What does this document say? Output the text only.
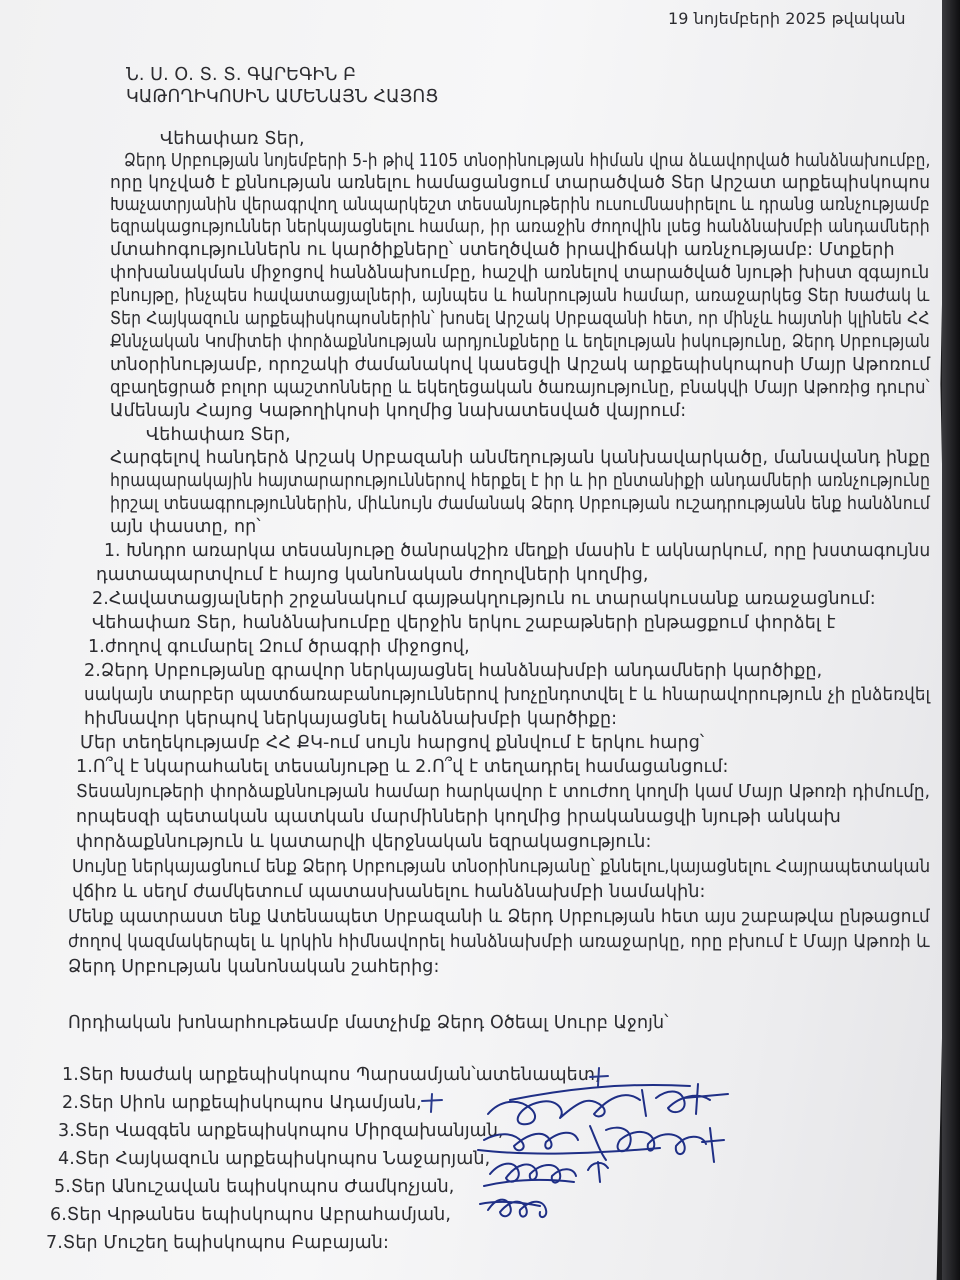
19 նոյեմբերի 2025 թվական
Ն. Ս. Օ. Տ. Տ. ԳԱՐԵԳԻՆ Բ
ԿԱԹՈՂԻԿՈՍԻՆ ԱՄԵՆԱՅՆ ՀԱՅՈՑ
Վեհափառ Տեր,
Ձերդ Սրբության նոյեմբերի 5-ի թիվ 1105 տնօրինության հիման վրա ձևավորված հանձնախումբը,
որը կոչված է քննության առնելու համացանցում տարածված Տեր Արշատ արքեպիսկոպոս
Խաչատրյանին վերագրվող անպարկեշտ տեսանյութերին ուսումնասիրելու և դրանց առնչությամբ
եզրակացություններ ներկայացնելու համար, իր առաջին ժողովին լսեց հանձնախմբի անդամների
մտահոգություններն ու կարծիքները՝ ստեղծված իրավիճակի առնչությամբ: Մտքերի
փոխանակման միջոցով հանձնախումբը, հաշվի առնելով տարածված նյութի խիստ զգայուն
բնույթը, ինչպես հավատացյալների, այնպես և հանրության համար, առաջարկեց Տեր Խաժակ և
Տեր Հայկազուն արքեպիսկոպոսներին՝ խոսել Արշակ Սրբազանի հետ, որ մինչև հայտնի կլինեն ՀՀ
Քննչական Կոմիտեի փորձաքննության արդյունքները և եղելության իսկությունը, Ձերդ Սրբության
տնօրինությամբ, որոշակի ժամանակով կասեցվի Արշակ արքեպիսկոպոսի Մայր Աթոռում
զբաղեցրած բոլոր պաշտոնները և եկեղեցական ծառայությունը, բնակվի Մայր Աթոռից դուրս՝
Ամենայն Հայոց Կաթողիկոսի կողմից նախատեսված վայրում:
Վեհափառ Տեր,
Հարգելով հանդերձ Արշակ Սրբազանի անմեղության կանխավարկածը, մանավանդ ինքը
հրապարակային հայտարարություններով հերքել է իր և իր ընտանիքի անդամների առնչությունը
իրշալ տեսագրություններին, միևնույն ժամանակ Ձերդ Սրբության ուշադրությանն ենք հանձնում
այն փաստը, որ՝
1. Խնդրո առարկա տեսանյութը ծանրակշիռ մեղքի մասին է ակնարկում, որը խստագույնս
դատապարտվում է հայոց կանոնական ժողովների կողմից,
2.Հավատացյալների շրջանակում գայթակղություն ու տարակուսանք առաջացնում:
Վեհափառ Տեր, հանձնախումբը վերջին երկու շաբաթների ընթացքում փորձել է
1.ժողով գումարել Զում ծրագրի միջոցով,
2.Ձերդ Սրբությանը գրավոր ներկայացնել հանձնախմբի անդամների կարծիքը,
սակայն տարբեր պատճառաբանություններով խոչընդոտվել է և հնարավորություն չի ընձեռվել
հիմնավոր կերպով ներկայացնել հանձնախմբի կարծիքը:
Մեր տեղեկությամբ ՀՀ ՔԿ-ում սույն հարցով քննվում է երկու հարց՝
1.Ո՞վ է նկարահանել տեսանյութը և 2.Ո՞վ է տեղադրել համացանցում:
Տեսանյութերի փորձաքննության համար հարկավոր է տուժող կողմի կամ Մայր Աթոռի դիմումը,
որպեսզի պետական պատկան մարմինների կողմից իրականացվի նյութի անկախ
փորձաքննություն և կատարվի վերջնական եզրակացություն:
Սույնը ներկայացնում ենք Ձերդ Սրբության տնօրինությանը՝ քննելու,կայացնելու Հայրապետական
վճիռ և սեղմ ժամկետում պատասխանելու հանձնախմբի նամակին:
Մենք պատրաստ ենք Ատենապետ Սրբազանի և Ձերդ Սրբության հետ այս շաբաթվա ընթացում
ժողով կազմակերպել և կրկին հիմնավորել հանձնախմբի առաջարկը, որը բխում է Մայր Աթոռի և
Ձերդ Սրբության կանոնական շահերից:
Որդիական խոնարհութեամբ մատչիմք Ձերդ Օծեալ Սուրբ Աջոյն՝
1.Տեր Խաժակ արքեպիսկոպոս Պարսամյան՝ատենապետ,
2.Տեր Սիոն արքեպիսկոպոս Ադամյան,
3.Տեր Վազգեն արքեպիսկոպոս Միրզախանյան,
4.Տեր Հայկազուն արքեպիսկոպոս Նաջարյան,
5.Տեր Անուշավան եպիսկոպոս Ժամկոչյան,
6.Տեր Վրթանես եպիսկոպոս Աբրահամյան,
7.Տեր Մուշեղ եպիսկոպոս Բաբայան:
